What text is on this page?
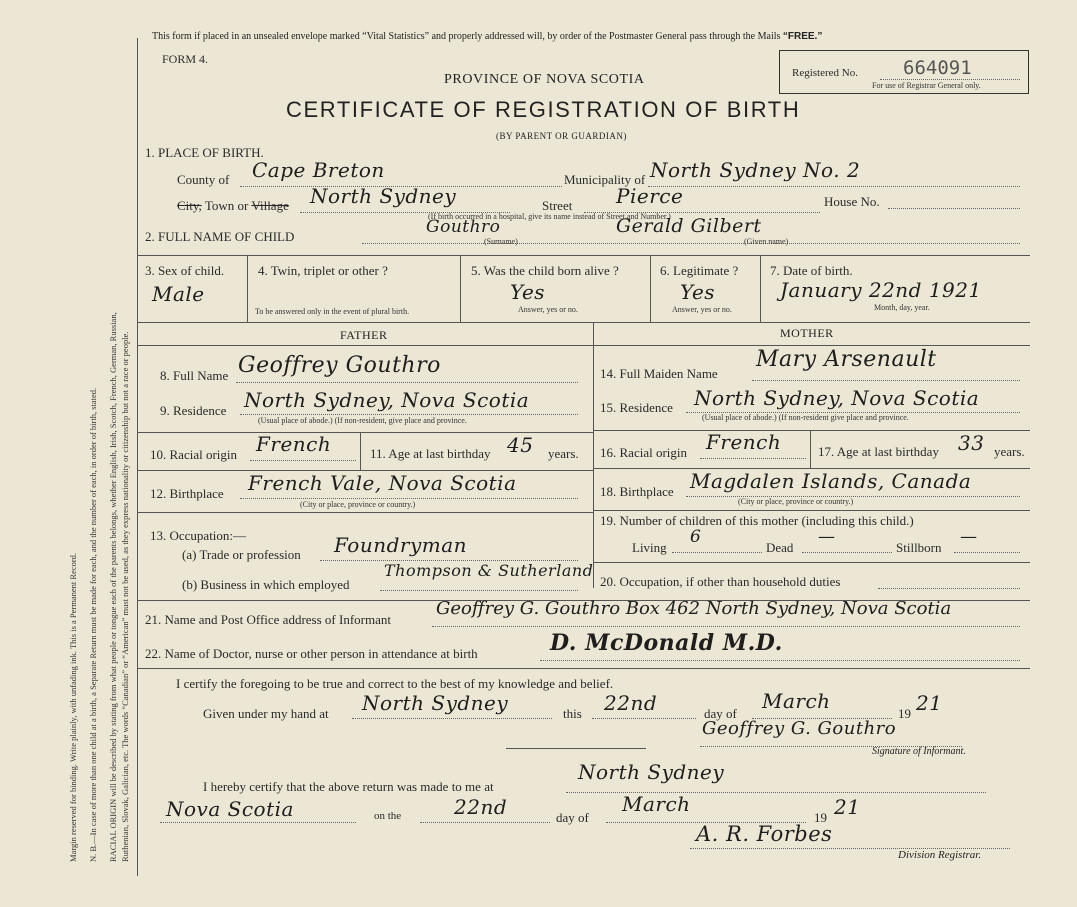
Margin reserved for binding. Write plainly, with unfading ink. This is a Permanent Record. N. B.—In case of more than one child at a birth, a Separate Return must be made for each, and the number of each, in order of birth, stated. RACIAL ORIGIN will be described by stating from what people or tongue each of the parents belongs, whether English, Irish, Scotch, French, German, Russian, Ruthenian, Slovak, Galician, etc. The words “Canadian” or “American” must not be used, as they express nationality or citizenship but not a race or people.
This form if placed in an unsealed envelope marked “Vital Statistics” and properly addressed will, by order of the Postmaster General pass through the Mails “FREE.”
FORM 4.
PROVINCE OF NOVA SCOTIA
CERTIFICATE OF REGISTRATION OF BIRTH
(BY PARENT OR GUARDIAN)
Registered No. 664091
For use of Registrar General only.
1. PLACE OF BIRTH.
County of Cape Breton	Municipality of North Sydney No. 2
City, Town or Village North Sydney	Street Pierce
(If birth occurred in a hospital, give its name instead of Street and Number.)
House No.
2. FULL NAME OF CHILD	Gouthro	Gerald Gilbert
(Surname)	(Given name)
3. Sex of child.
Male
4. Twin, triplet or other ?
To be answered only in the event of plural birth.
5. Was the child born alive ?
Yes
Answer, yes or no.
6. Legitimate ?
Yes
Answer, yes or no.
7. Date of birth.
January 22nd 1921
Month, day, year.
FATHER	MOTHER
8. Full Name Geoffrey Gouthro
9. Residence North Sydney, Nova Scotia
(Usual place of abode.) (If non-resident, give place and province.
10. Racial origin French	11. Age at last birthday 45 years.
12. Birthplace French Vale, Nova Scotia
(City or place, province or country.)
13. Occupation:—
(a) Trade or profession Foundryman
(b) Business in which employed
Thompson & Sutherland
14. Full Maiden Name
Mary Arsenault
15. Residence North Sydney, Nova Scotia
(Usual place of abode.) (If non-resident give place and province.
16. Racial origin French	17. Age at last birthday 33 years.
18. Birthplace Magdalen Islands, Canada
(City or place, province or country.)
19. Number of children of this mother (including this child.)
Living
6
Dead
—
Stillborn
—
20. Occupation, if other than household duties
21. Name and Post Office address of Informant
Geoffrey G. Gouthro Box 462 North Sydney, Nova Scotia
22. Name of Doctor, nurse or other person in attendance at birth	D. McDonald M.D.
I certify the foregoing to be true and correct to the best of my knowledge and belief.
Given under my hand at North Sydney	this 22nd	day of
March
19 21
Geoffrey G. Gouthro
Signature of Informant.
I hereby certify that the above return was made to me at
North Sydney
Nova Scotia	on the	22nd	day of
March
19 21
A. R. Forbes
Division Registrar.
